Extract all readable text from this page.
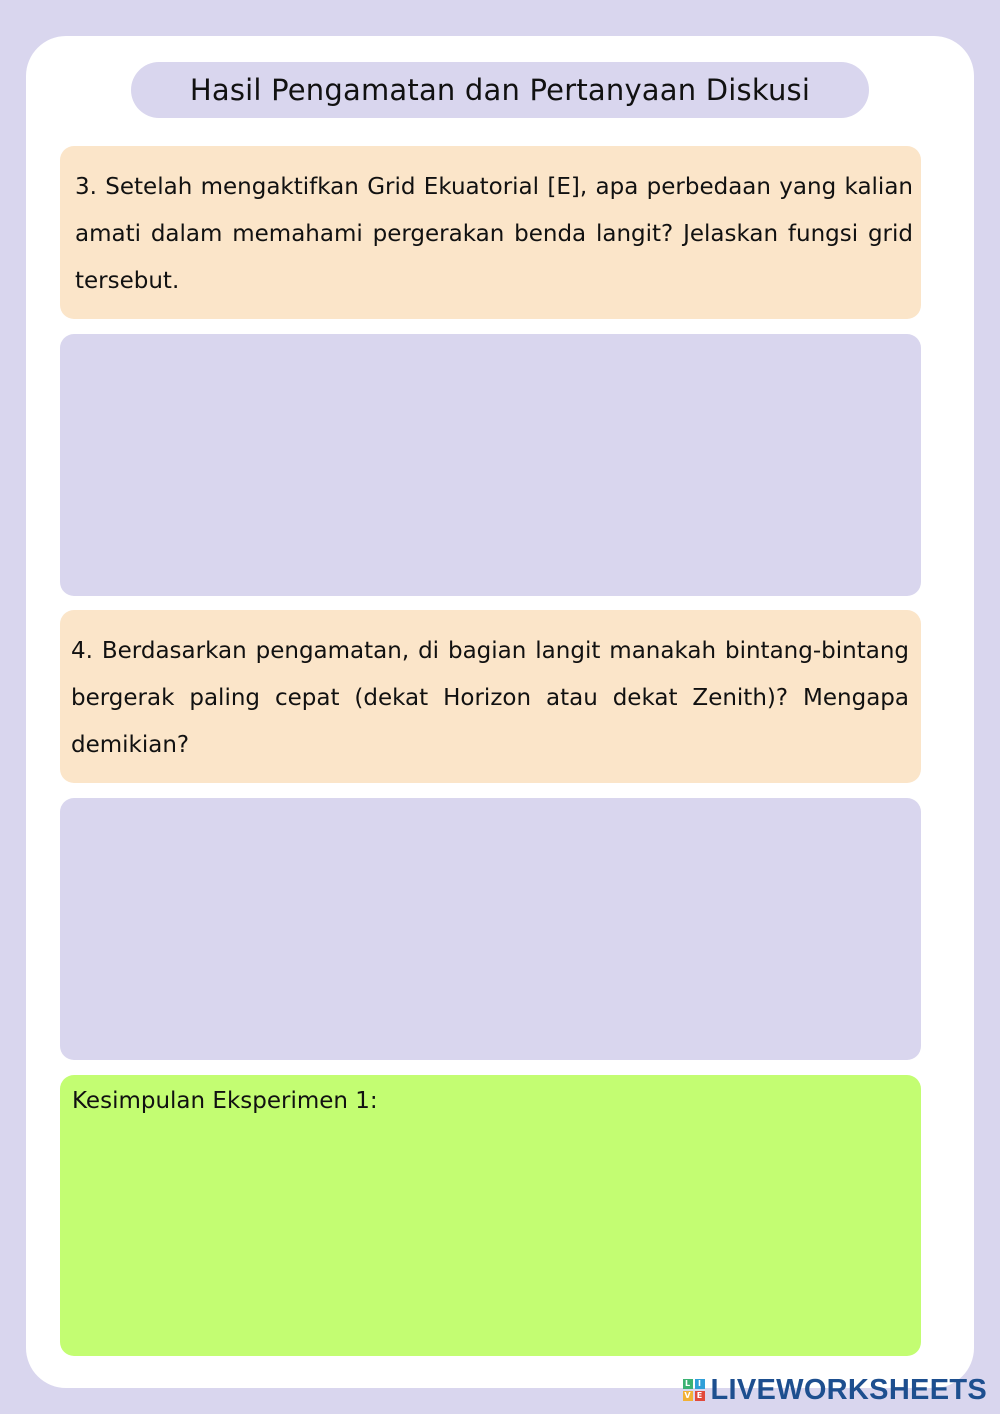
Hasil Pengamatan dan Pertanyaan Diskusi
3. Setelah mengaktifkan Grid Ekuatorial [E], apa perbedaan yang kalian amati dalam memahami pergerakan benda langit? Jelaskan fungsi grid tersebut.
4. Berdasarkan pengamatan, di bagian langit manakah bintang-bintang bergerak paling cepat (dekat Horizon atau dekat Zenith)? Mengapa demikian?
Kesimpulan Eksperimen 1:
L I
V E LIVEWORKSHEETS
